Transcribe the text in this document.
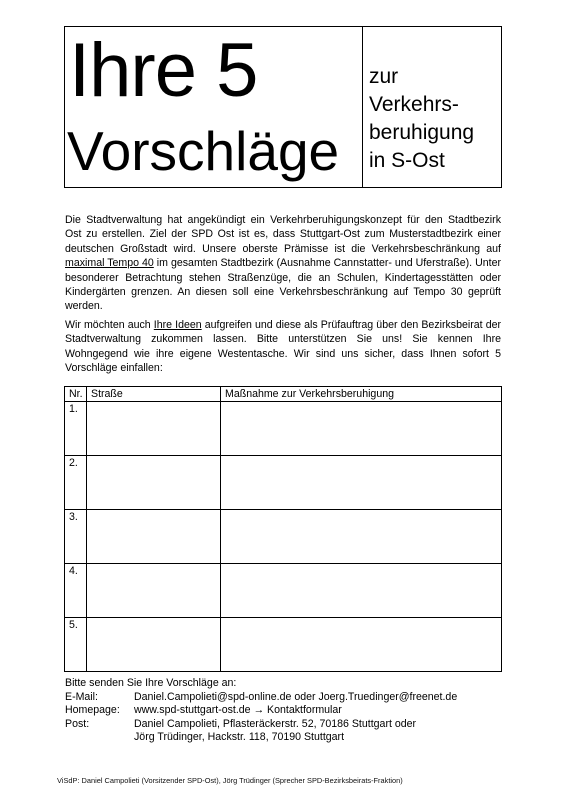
Ihre 5
Vorschläge
zur
Verkehrs-
beruhigung
in S-Ost
Die Stadtverwaltung hat angekündigt ein Verkehrberuhigungskonzept für den Stadtbezirk Ost zu erstellen. Ziel der SPD Ost ist es, dass Stuttgart-Ost zum Musterstadtbezirk einer deutschen Großstadt wird. Unsere oberste Prämisse ist die Verkehrsbeschränkung auf maximal Tempo 40 im gesamten Stadtbezirk (Ausnahme Cannstatter- und Uferstraße). Unter besonderer Betrachtung stehen Straßenzüge, die an Schulen, Kindertagesstätten oder Kindergärten grenzen. An diesen soll eine Verkehrsbeschränkung auf Tempo 30 geprüft werden.
Wir möchten auch Ihre Ideen aufgreifen und diese als Prüfauftrag über den Bezirksbeirat der Stadtverwaltung zukommen lassen. Bitte unterstützen Sie uns! Sie kennen Ihre Wohngegend wie ihre eigene Westentasche. Wir sind uns sicher, dass Ihnen sofort 5 Vorschläge einfallen:
Nr.	Straße	Maßnahme zur Verkehrsberuhigung
1.		
2.		
3.		
4.		
5.		
Bitte senden Sie Ihre Vorschläge an:
E-Mail:	Daniel.Campolieti@spd-online.de oder Joerg.Truedinger@freenet.de
Homepage:	www.spd-stuttgart-ost.de → Kontaktformular
Post:	Daniel Campolieti, Pflasteräckerstr. 52, 70186 Stuttgart oder
Jörg Trüdinger, Hackstr. 118, 70190 Stuttgart
ViSdP: Daniel Campolieti (Vorsitzender SPD-Ost), Jörg Trüdinger (Sprecher SPD-Bezirksbeirats-Fraktion)
